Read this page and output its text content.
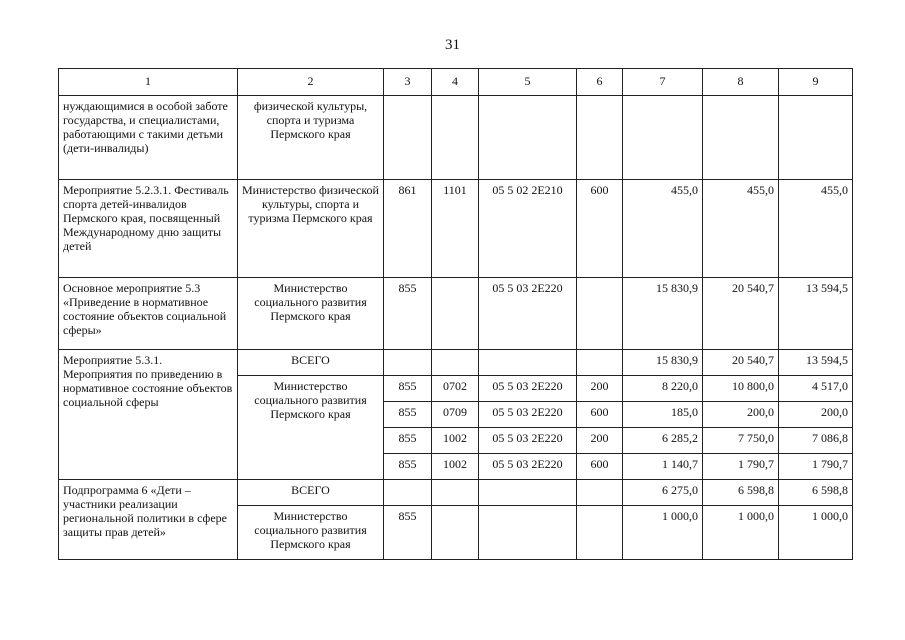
31
1	2	3	4	5	6	7	8	9
нуждающимися в особой заботе государства, и специалистами, работающими с такими детьми (дети-инвалиды)	физической культуры, спорта и туризма Пермского края							
Мероприятие 5.2.3.1. Фестиваль спорта детей-инвалидов Пермского края, посвященный Международному дню защиты детей	Министерство физической культуры, спорта и туризма Пермского края	861	1101	05 5 02 2Е210	600	455,0	455,0	455,0
Основное мероприятие 5.3 «Приведение в нормативное состояние объектов социальной сферы»	Министерство социального развития Пермского края	855		05 5 03 2Е220		15 830,9	20 540,7	13 594,5
Мероприятие 5.3.1. Мероприятия по приведению в нормативное состояние объектов социальной сферы	ВСЕГО					15 830,9	20 540,7	13 594,5
	Министерство социального развития Пермского края	855	0702	05 5 03 2Е220	200	8 220,0	10 800,0	4 517,0
		855	0709	05 5 03 2Е220	600	185,0	200,0	200,0
		855	1002	05 5 03 2Е220	200	6 285,2	7 750,0	7 086,8
		855	1002	05 5 03 2Е220	600	1 140,7	1 790,7	1 790,7
Подпрограмма 6 «Дети – участники реализации региональной политики в сфере защиты прав детей»	ВСЕГО					6 275,0	6 598,8	6 598,8
	Министерство социального развития Пермского края	855				1 000,0	1 000,0	1 000,0
